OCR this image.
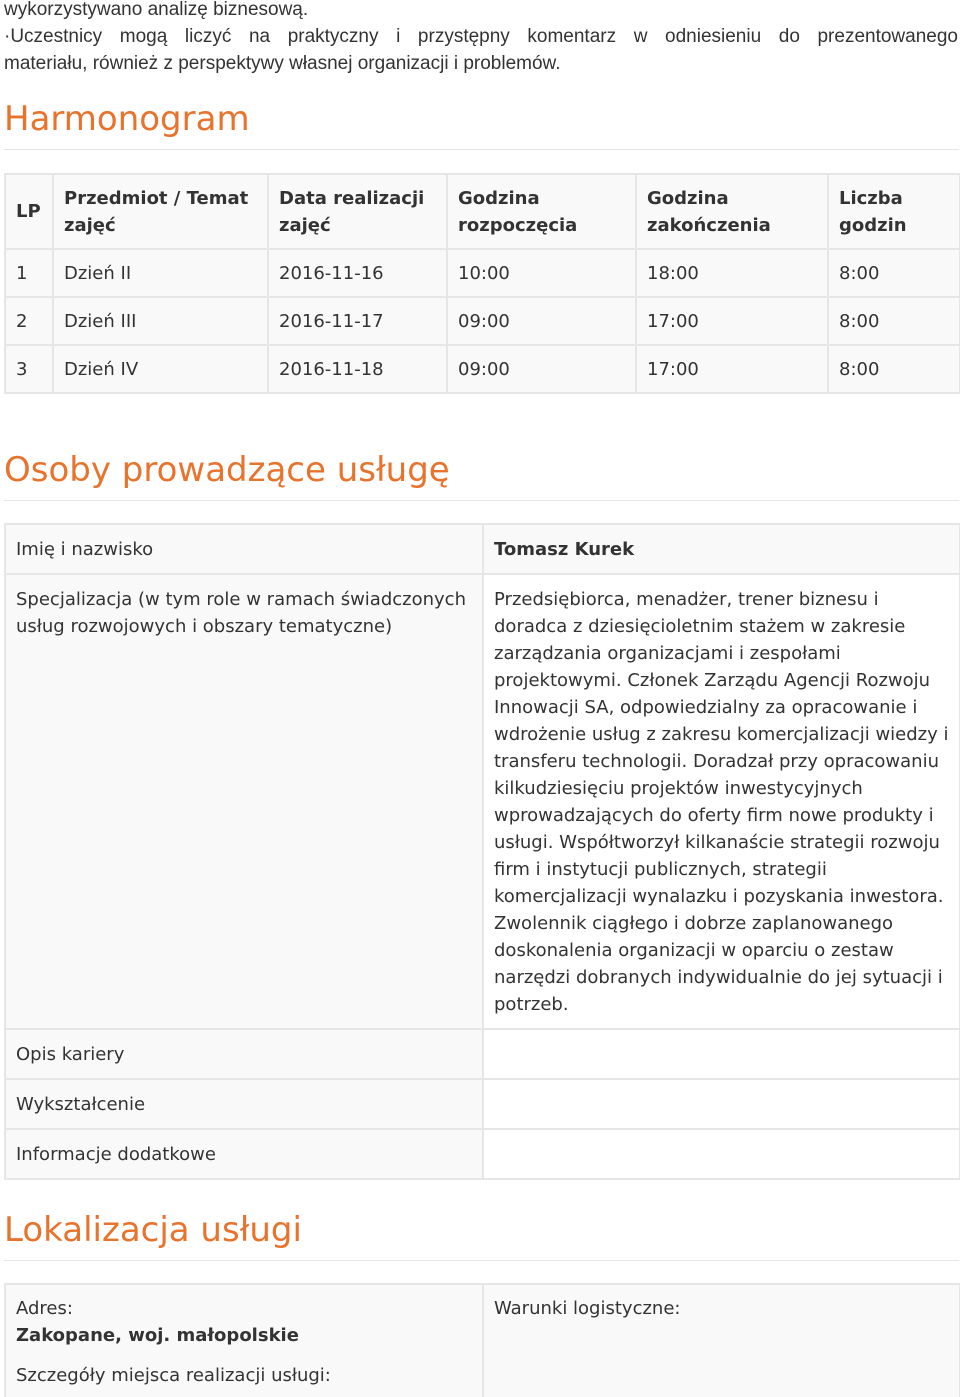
wykorzystywano analizę biznesową.

·Uczestnicy mogą liczyć na praktyczny i przystępny komentarz w odniesieniu do prezentowanego

materiału, również z perspektywy własnej organizacji i problemów.

Harmonogram
LP	Przedmiot / Temat zajęć	Data realizacji zajęć	Godzina rozpoczęcia	Godzina zakończenia	Liczba godzin
1	Dzień II	2016-11-16	10:00	18:00	8:00
2	Dzień III	2016-11-17	09:00	17:00	8:00
3	Dzień IV	2016-11-18	09:00	17:00	8:00
Osoby prowadzące usługę
Imię i nazwisko	Tomasz Kurek
Specjalizacja (w tym role w ramach świadczonych usług rozwojowych i obszary tematyczne)	Przedsiębiorca, menadżer, trener biznesu i doradca z dziesięcioletnim stażem w zakresie zarządzania organizacjami i zespołami projektowymi. Członek Zarządu Agencji Rozwoju Innowacji SA, odpowiedzialny za opracowanie i wdrożenie usług z zakresu komercjalizacji wiedzy i transferu technologii. Doradzał przy opracowaniu kilkudziesięciu projektów inwestycyjnych wprowadzających do oferty firm nowe produkty i usługi. Współtworzył kilkanaście strategii rozwoju firm i instytucji publicznych, strategii komercjalizacji wynalazku i pozyskania inwestora. Zwolennik ciągłego i dobrze zaplanowanego doskonalenia organizacji w oparciu o zestaw narzędzi dobranych indywidualnie do jej sytuacji i potrzeb.
Opis kariery	
Wykształcenie	
Informacje dodatkowe	
Lokalizacja usługi
Adres:
Zakopane, woj. małopolskie
Szczegóły miejsca realizacji usługi:

Warunki logistyczne:
